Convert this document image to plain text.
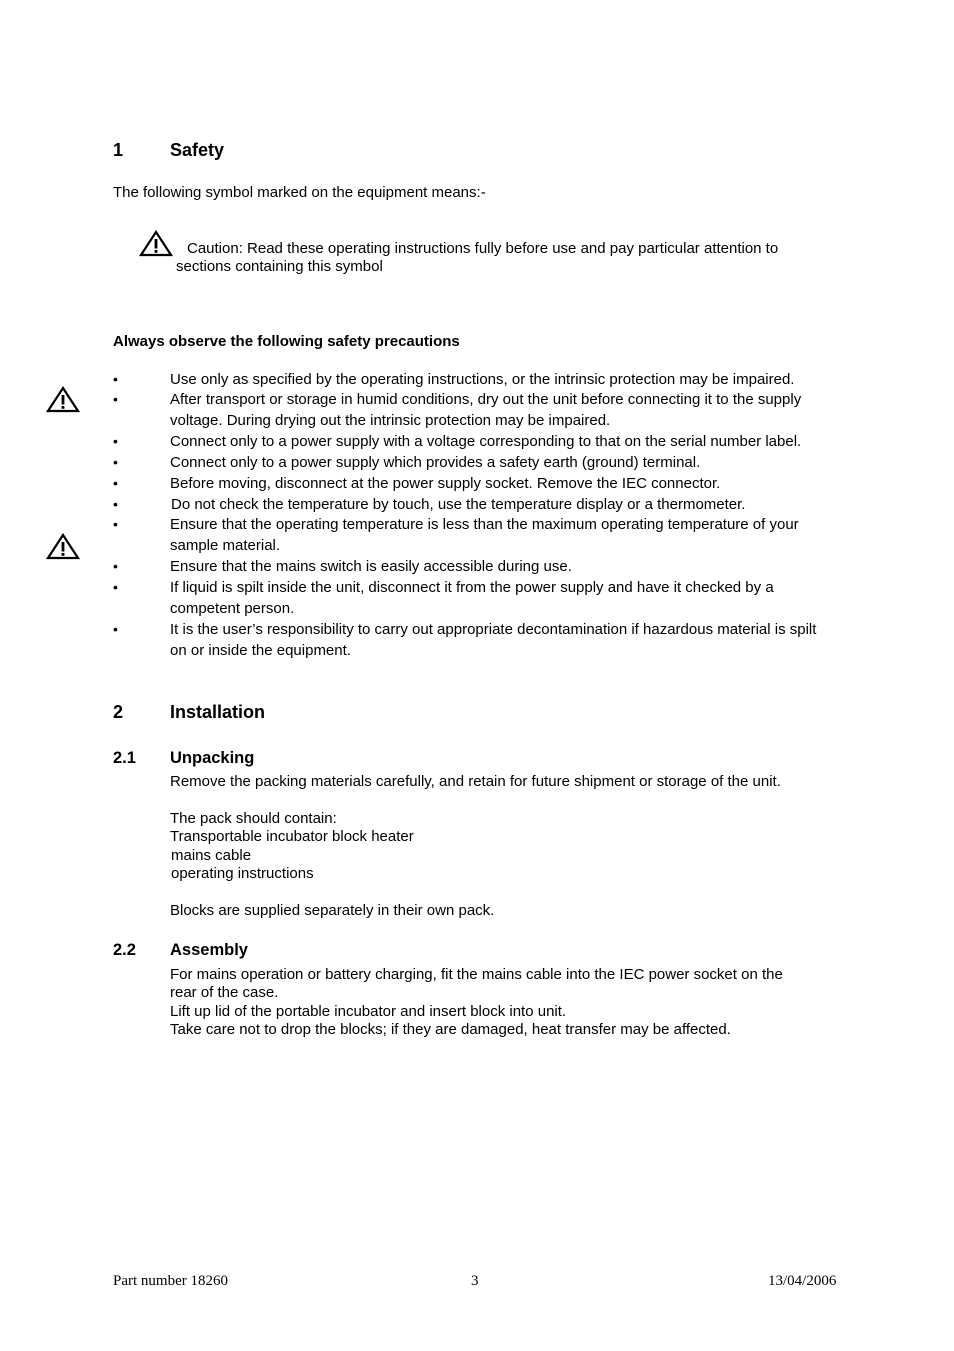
1	Safety
The following symbol marked on the equipment means:-
Caution: Read these operating instructions fully before use and pay particular attention to
sections containing this symbol
Always observe the following safety precautions
•	Use only as specified by the operating instructions, or the intrinsic protection may be impaired.
•	After transport or storage in humid conditions, dry out the unit before connecting it to the supply
voltage. During drying out the intrinsic protection may be impaired.
•	Connect only to a power supply with a voltage corresponding to that on the serial number label.
•	Connect only to a power supply which provides a safety earth (ground) terminal.
•	Before moving, disconnect at the power supply socket. Remove the IEC connector.
•	Do not check the temperature by touch, use the temperature display or a thermometer.
•	Ensure that the operating temperature is less than the maximum operating temperature of your
sample material.
•	Ensure that the mains switch is easily accessible during use.
•	If liquid is spilt inside the unit, disconnect it from the power supply and have it checked by a
competent person.
•	It is the user’s responsibility to carry out appropriate decontamination if hazardous material is spilt
on or inside the equipment.
2	Installation
2.1 Unpacking
Remove the packing materials carefully, and retain for future shipment or storage of the unit.
The pack should contain:
Transportable incubator block heater
mains cable
operating instructions
Blocks are supplied separately in their own pack.
2.2 Assembly
For mains operation or battery charging, fit the mains cable into the IEC power socket on the
rear of the case.
Lift up lid of the portable incubator and insert block into unit.
Take care not to drop the blocks; if they are damaged, heat transfer may be affected.
Part number 18260	3	13/04/2006
